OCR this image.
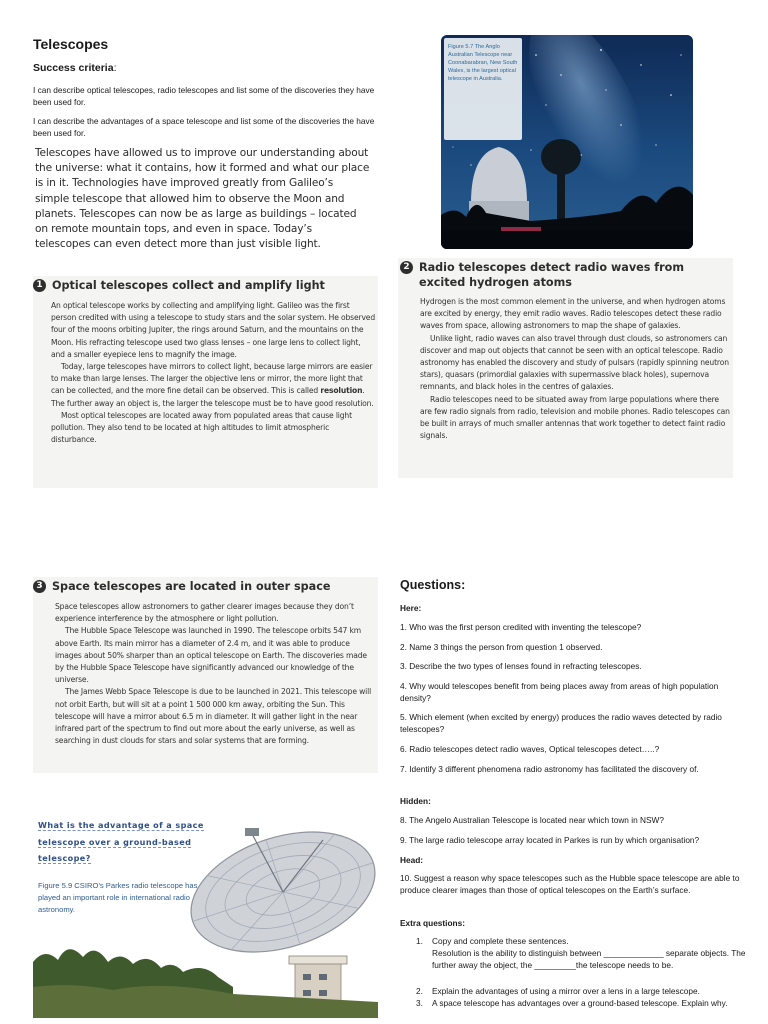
Telescopes
Success criteria:
I can describe optical telescopes, radio telescopes and list some of the discoveries they have been used for.
I can describe the advantages of a space telescope and list some of the discoveries the have been used for.
Telescopes have allowed us to improve our understanding about the universe: what it contains, how it formed and what our place is in it. Technologies have improved greatly from Galileo’s simple telescope that allowed him to observe the Moon and planets. Telescopes can now be as large as buildings – located on remote mountain tops, and even in space. Today’s telescopes can even detect more than just visible light.
Figure 5.7 The Anglo Australian Telescope near Coonabarabran, New South Wales, is the largest optical telescope in Australia.
1 Optical telescopes collect and amplify light

An optical telescope works by collecting and amplifying light. Galileo was the first person credited with using a telescope to study stars and the solar system. He observed four of the moons orbiting Jupiter, the rings around Saturn, and the mountains on the Moon. His refracting telescope used two glass lenses – one large lens to collect light, and a smaller eyepiece lens to magnify the image.

Today, large telescopes have mirrors to collect light, because large mirrors are easier to make than large lenses. The larger the objective lens or mirror, the more light that can be collected, and the more fine detail can be observed. This is called resolution. The further away an object is, the larger the telescope must be to have good resolution.

Most optical telescopes are located away from populated areas that cause light pollution. They also tend to be located at high altitudes to limit atmospheric disturbance.

2 Radio telescopes detect radio waves from excited hydrogen atoms

Hydrogen is the most common element in the universe, and when hydrogen atoms are excited by energy, they emit radio waves. Radio telescopes detect these radio waves from space, allowing astronomers to map the shape of galaxies.

Unlike light, radio waves can also travel through dust clouds, so astronomers can discover and map out objects that cannot be seen with an optical telescope. Radio astronomy has enabled the discovery and study of pulsars (rapidly spinning neutron stars), quasars (primordial galaxies with supermassive black holes), supernova remnants, and black holes in the centres of galaxies.

Radio telescopes need to be situated away from large populations where there are few radio signals from radio, television and mobile phones. Radio telescopes can be built in arrays of much smaller antennas that work together to detect faint radio signals.

3 Space telescopes are located in outer space

Space telescopes allow astronomers to gather clearer images because they don’t experience interference by the atmosphere or light pollution.

The Hubble Space Telescope was launched in 1990. The telescope orbits 547 km above Earth. Its main mirror has a diameter of 2.4 m, and it was able to produce images about 50% sharper than an optical telescope on Earth. The discoveries made by the Hubble Space Telescope have significantly advanced our knowledge of the universe.

The James Webb Space Telescope is due to be launched in 2021. This telescope will not orbit Earth, but will sit at a point 1 500 000 km away, orbiting the Sun. This telescope will have a mirror about 6.5 m in diameter. It will gather light in the near infrared part of the spectrum to find out more about the early universe, as well as searching in dust clouds for stars and solar systems that are forming.

What is the advantage of a space
telescope over a ground-based
telescope?
Figure 5.9 CSIRO’s Parkes radio telescope has played an important role in international radio astronomy.
Questions:
Here:
1. Who was the first person credited with inventing the telescope?
2. Name 3 things the person from question 1 observed.
3. Describe the two types of lenses found in refracting telescopes.
4. Why would telescopes benefit from being places away from areas of high population density?
5. Which element (when excited by energy) produces the radio waves detected by radio telescopes?
6. Radio telescopes detect radio waves, Optical telescopes detect…..?
7. Identify 3 different phenomena radio astronomy has facilitated the discovery of.
Hidden:
8. The Angelo Australian Telescope is located near which town in NSW?
9. The large radio telescope array located in Parkes is run by which organisation?
Head:
10. Suggest a reason why space telescopes such as the Hubble space telescope are able to produce clearer images than those of optical telescopes on the Earth’s surface.
Extra questions:
1. Copy and complete these sentences.
Resolution is the ability to distinguish between _____________ separate objects. The further away the object, the _________the telescope needs to be.
2. Explain the advantages of using a mirror over a lens in a large telescope.
3. A space telescope has advantages over a ground-based telescope. Explain why.
